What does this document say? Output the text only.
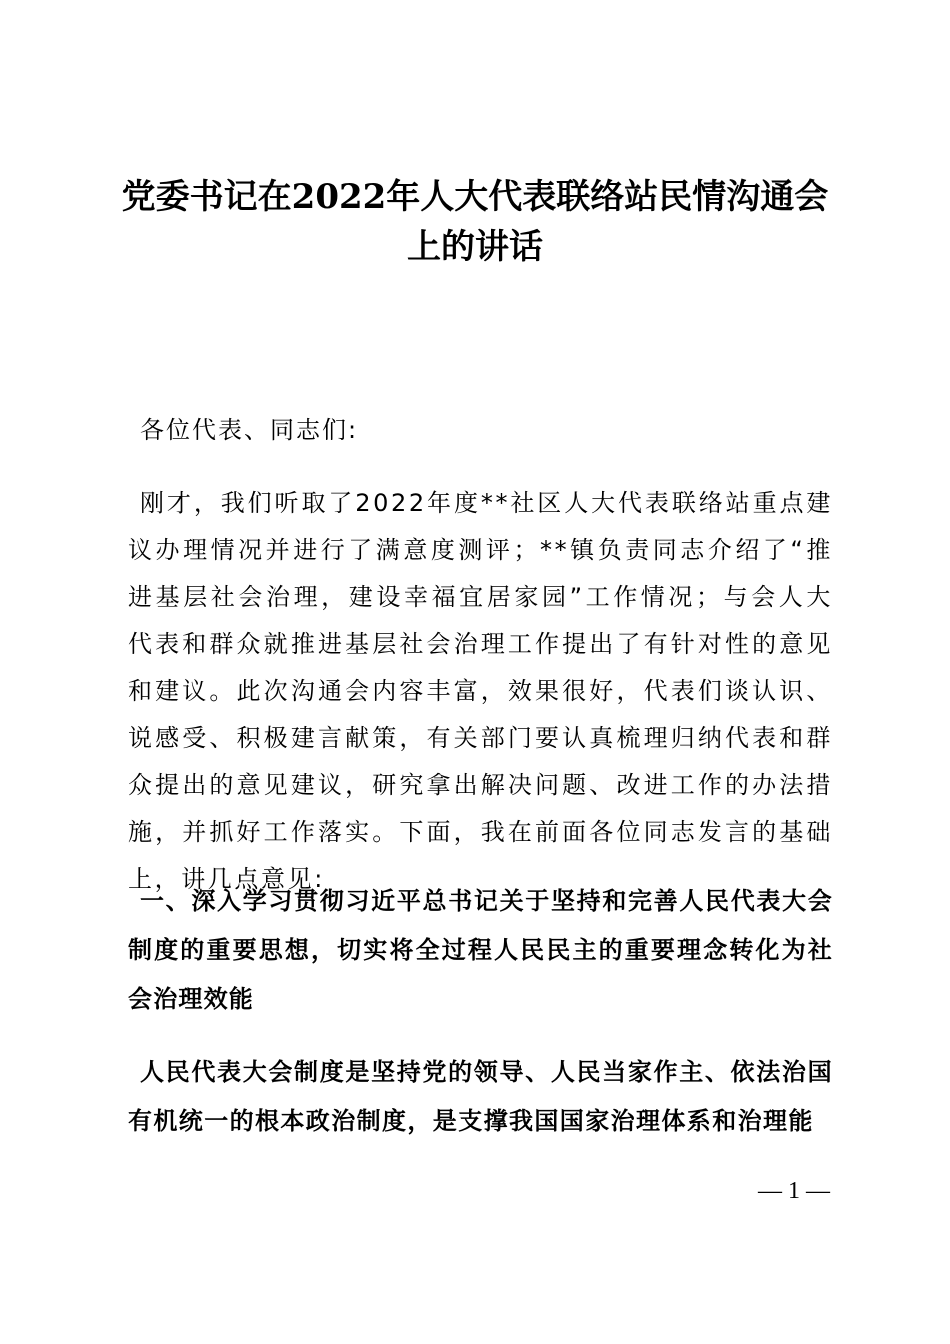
党委书记在2022年人大代表联络站民情沟通会上的讲话

各位代表、同志们:

刚才，我们听取了2022年度**社区人大代表联络站重点建议办理情况并进行了满意度测评；**镇负责同志介绍了“推进基层社会治理，建设幸福宜居家园”工作情况；与会人大代表和群众就推进基层社会治理工作提出了有针对性的意见和建议。此次沟通会内容丰富，效果很好，代表们谈认识、说感受、积极建言献策，有关部门要认真梳理归纳代表和群众提出的意见建议，研究拿出解决问题、改进工作的办法措施，并抓好工作落实。下面，我在前面各位同志发言的基础上，讲几点意见:

一、深入学习贯彻习近平总书记关于坚持和完善人民代表大会制度的重要思想，切实将全过程人民民主的重要理念转化为社会治理效能

人民代表大会制度是坚持党的领导、人民当家作主、依法治国有机统一的根本政治制度，是支撑我国国家治理体系和治理能

— 1 —
